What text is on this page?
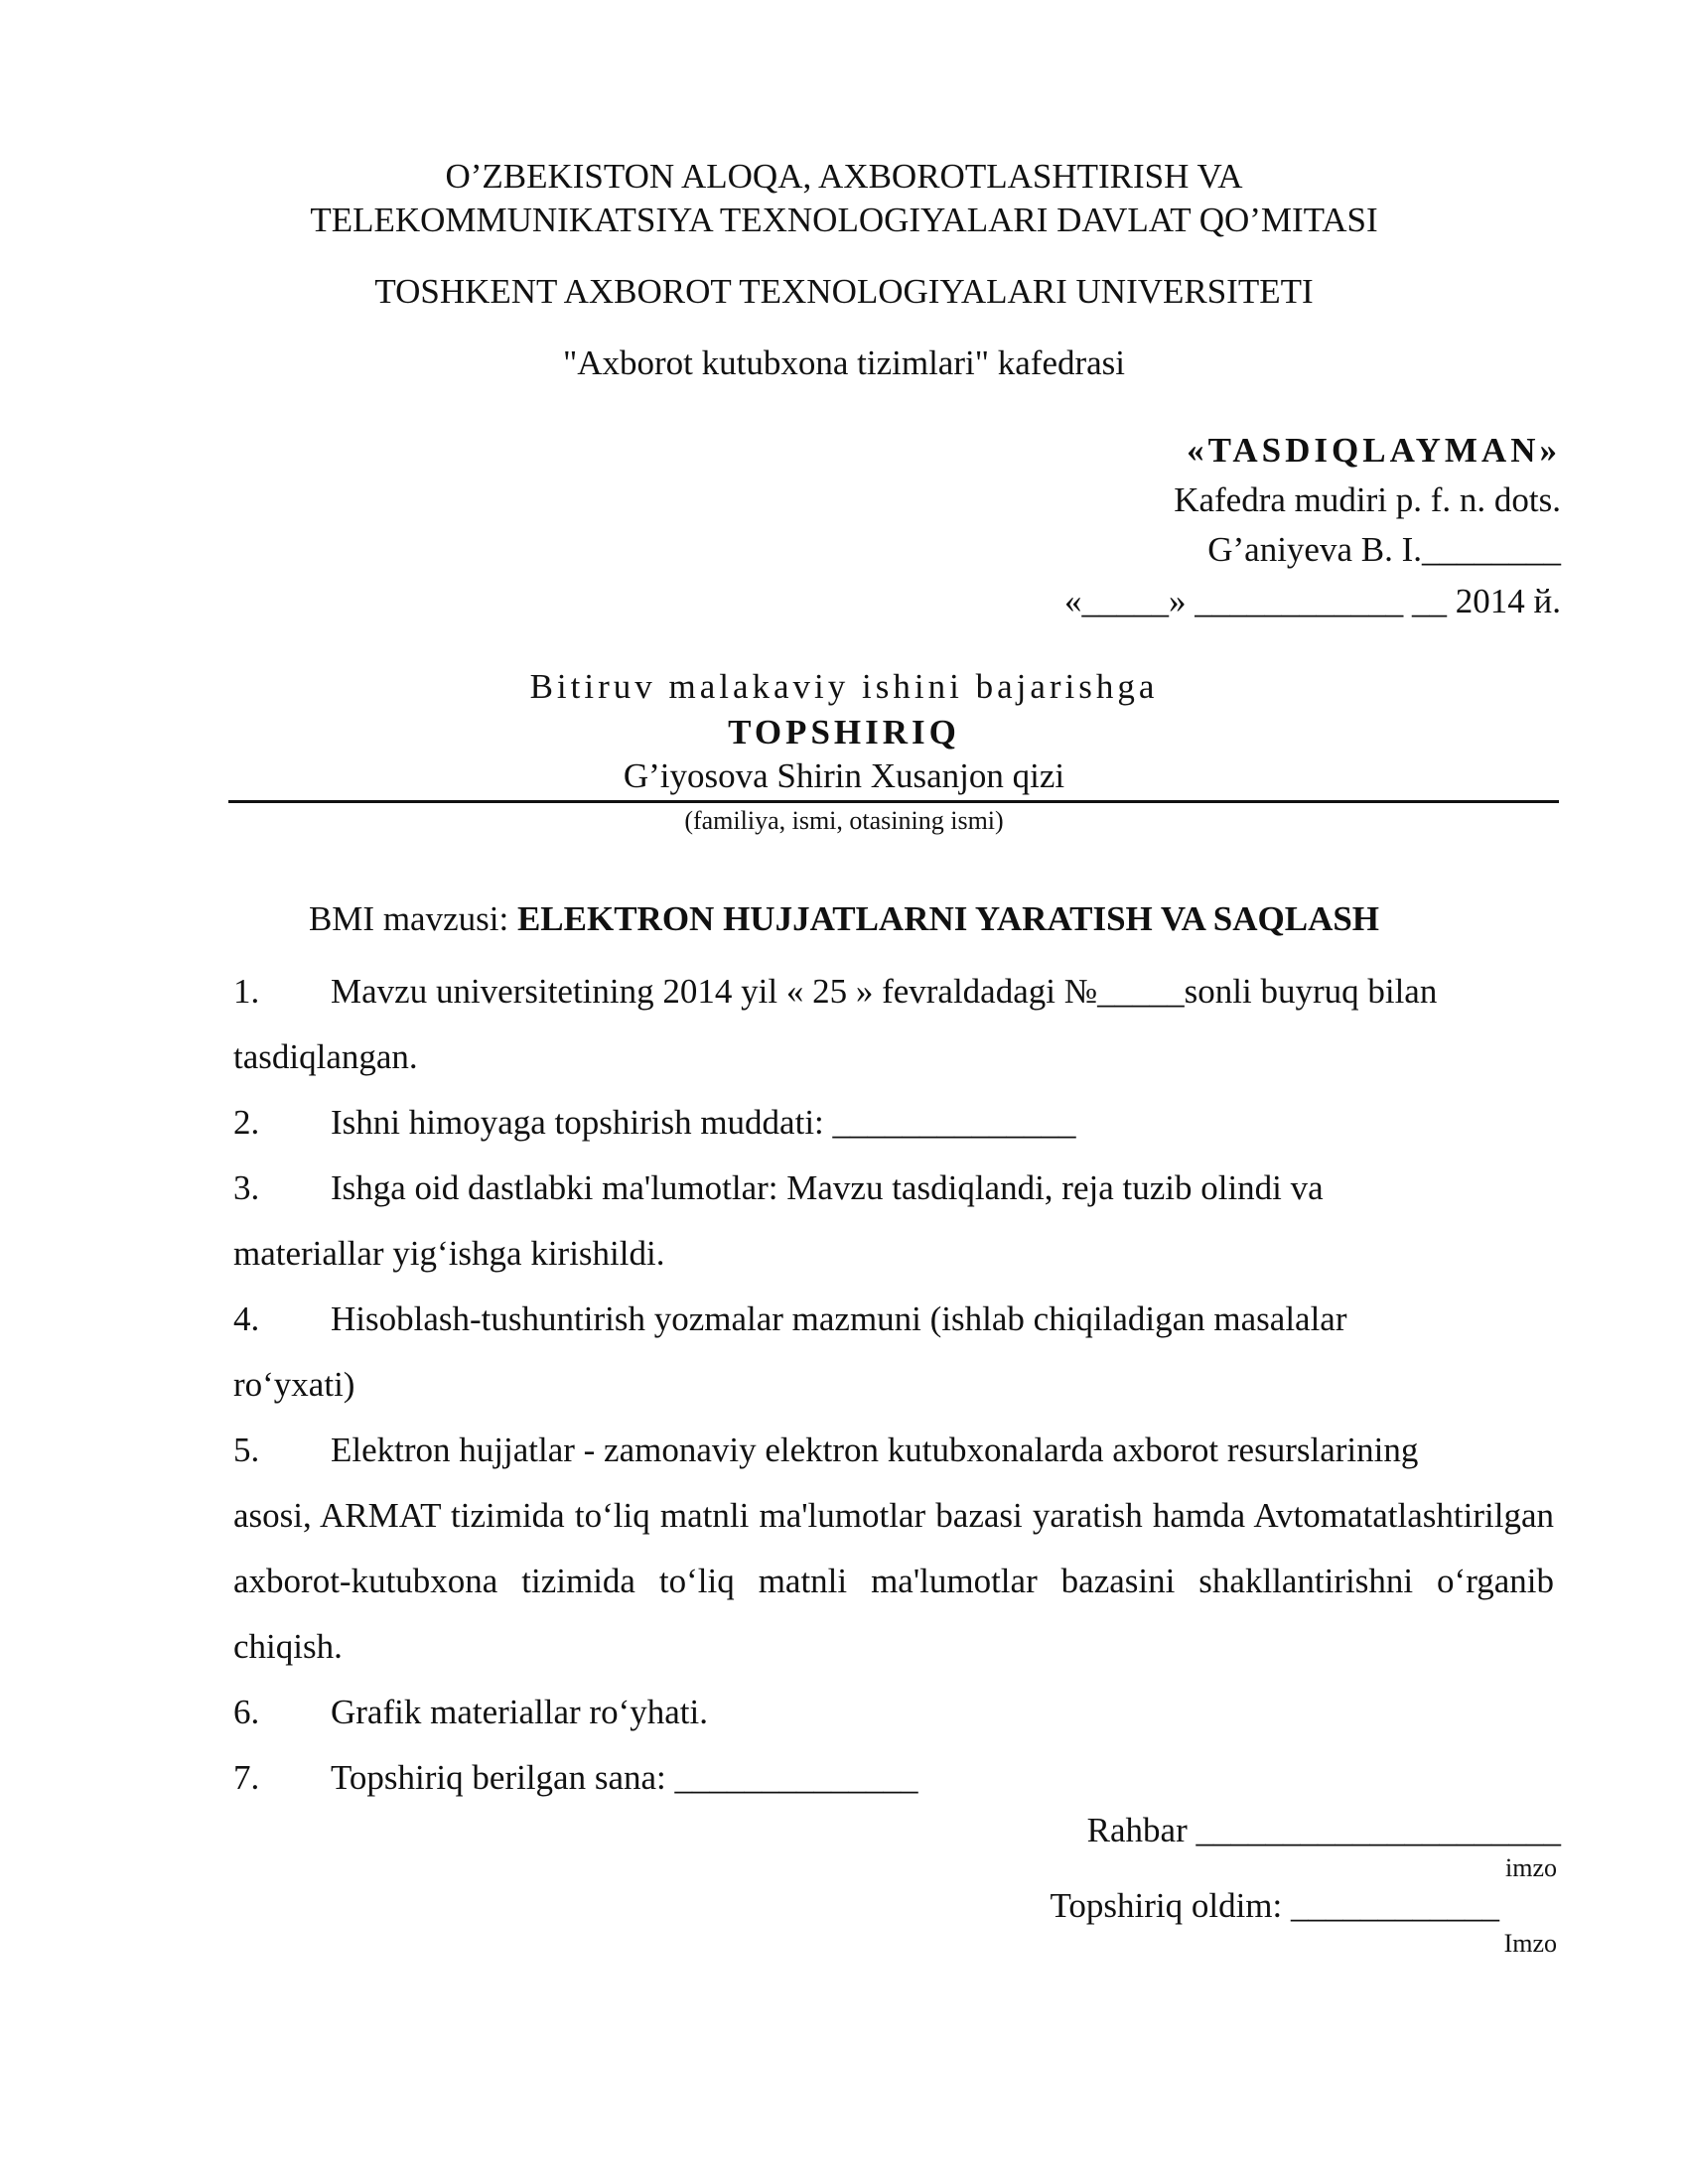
O’ZBEKISTON ALOQA, AXBOROTLASHTIRISH VA
TELEKOMMUNIKATSIYA TEXNOLOGIYALARI DAVLAT QO’MITASI
TOSHKENT AXBOROT TEXNOLOGIYALARI UNIVERSITETI
"Axborot kutubxona tizimlari" kafedrasi
«TASDIQLAYMAN»
Kafedra mudiri p. f. n. dots.
G’aniyeva B. I.________
«_____» ____________ __ 2014 й.
Bitiruv malakaviy ishini bajarishga
TOPSHIRIQ
G’iyosova Shirin Xusanjon qizi
(familiya, ismi, otasining ismi)
BMI mavzusi: ELEKTRON HUJJATLARNI YARATISH VA SAQLASH
1. Mavzu universitetining 2014 yil « 25 » fevraldadagi №_____sonli buyruq bilan
tasdiqlangan.
2. Ishni himoyaga topshirish muddati: ______________
3. Ishga oid dastlabki ma'lumotlar: Mavzu tasdiqlandi, reja tuzib olindi va
materiallar yig‘ishga kirishildi.
4. Hisoblash-tushuntirish yozmalar mazmuni (ishlab chiqiladigan masalalar
ro‘yxati)
5. Elektron hujjatlar - zamonaviy elektron kutubxonalarda axborot resurslarining
asosi, ARMAT tizimida to‘liq matnli ma'lumotlar bazasi yaratish hamda Avtomatatlashtirilgan axborot-kutubxona tizimida to‘liq matnli ma'lumotlar bazasini shakllantirishni o‘rganib chiqish.
6. Grafik materiallar ro‘yhati.
7. Topshiriq berilgan sana: ______________
Rahbar _____________________
imzo
Topshiriq oldim: ____________
Imzo
